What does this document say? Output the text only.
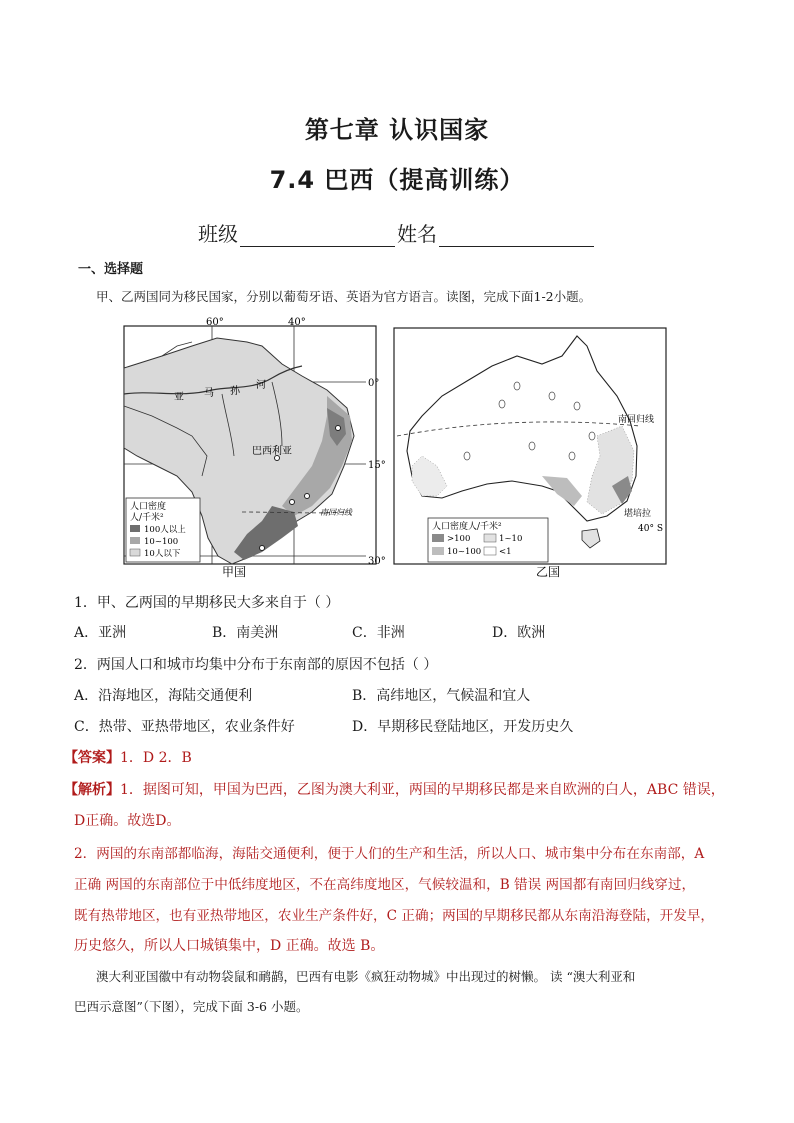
第七章 认识国家
7.4 巴西（提高训练）
班级	姓名
一、选择题
甲、乙两国同为移民国家，分别以葡萄牙语、英语为官方语言。读图，完成下面1-2小题。
60°	40°
0°
15°
30°
亚 马 孙
河
巴西利亚
南回归线
人口密度
人/千米²
100人以上
10~100
10人以下
甲国
南回归线
堪培拉
40° S
人口密度人/千米²
>100	1~10
10~100 <1
乙国
1．甲、乙两国的早期移民大多来自于（ ）
A．亚洲	B．南美洲	C．非洲	D．欧洲
2．两国人口和城市均集中分布于东南部的原因不包括（ ）
A．沿海地区，海陆交通便利	B．高纬地区，气候温和宜人
C．热带、亚热带地区，农业条件好	D．早期移民登陆地区，开发历史久
【答案】1．D 2．B
【解析】1．据图可知，甲国为巴西，乙图为澳大利亚，两国的早期移民都是来自欧洲的白人，ABC 错误，
D正确。故选D。
2．两国的东南部都临海，海陆交通便利，便于人们的生产和生活，所以人口、城市集中分布在东南部，A
正确 两国的东南部位于中低纬度地区，不在高纬度地区，气候较温和，B 错误 两国都有南回归线穿过，
既有热带地区，也有亚热带地区，农业生产条件好，C 正确；两国的早期移民都从东南沿海登陆，开发早，
历史悠久，所以人口城镇集中，D 正确。故选 B。
澳大利亚国徽中有动物袋鼠和鸸鹋，巴西有电影《疯狂动物城》中出现过的树懒。 读 “澳大利亚和
巴西示意图”（下图），完成下面 3-6 小题。
